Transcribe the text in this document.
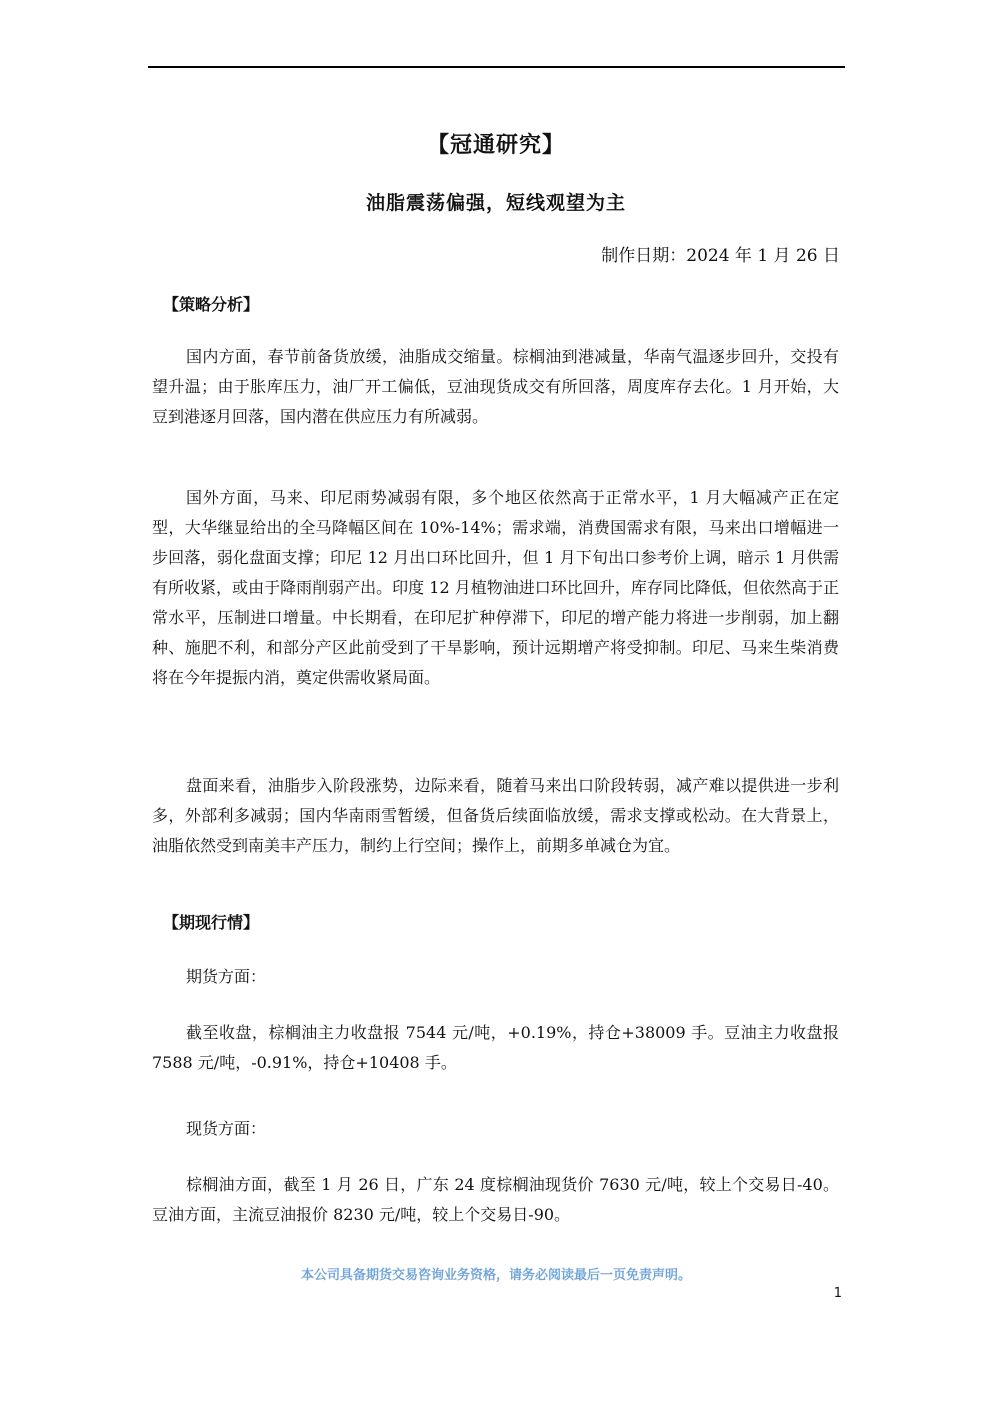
【冠通研究】
油脂震荡偏强，短线观望为主
制作日期：2024 年 1 月 26 日
【策略分析】
国内方面，春节前备货放缓，油脂成交缩量。棕榈油到港减量，华南气温逐步回升，交投有望升温；由于胀库压力，油厂开工偏低，豆油现货成交有所回落，周度库存去化。1 月开始，大豆到港逐月回落，国内潜在供应压力有所减弱。
国外方面，马来、印尼雨势减弱有限，多个地区依然高于正常水平，1 月大幅减产正在定型，大华继显给出的全马降幅区间在 10%-14%；需求端，消费国需求有限，马来出口增幅进一步回落，弱化盘面支撑；印尼 12 月出口环比回升，但 1 月下旬出口参考价上调，暗示 1 月供需有所收紧，或由于降雨削弱产出。印度 12 月植物油进口环比回升，库存同比降低，但依然高于正常水平，压制进口增量。中长期看，在印尼扩种停滞下，印尼的增产能力将进一步削弱，加上翻种、施肥不利，和部分产区此前受到了干旱影响，预计远期增产将受抑制。印尼、马来生柴消费将在今年提振内消，奠定供需收紧局面。
盘面来看，油脂步入阶段涨势，边际来看，随着马来出口阶段转弱，减产难以提供进一步利多，外部利多减弱；国内华南雨雪暂缓，但备货后续面临放缓，需求支撑或松动。在大背景上，油脂依然受到南美丰产压力，制约上行空间；操作上，前期多单减仓为宜。
【期现行情】
期货方面：
截至收盘，棕榈油主力收盘报 7544 元/吨，+0.19%，持仓+38009 手。豆油主力收盘报 7588 元/吨，-0.91%，持仓+10408 手。
现货方面：
棕榈油方面，截至 1 月 26 日，广东 24 度棕榈油现货价 7630 元/吨，较上个交易日-40。豆油方面，主流豆油报价 8230 元/吨，较上个交易日-90。
本公司具备期货交易咨询业务资格，请务必阅读最后一页免责声明。
1
